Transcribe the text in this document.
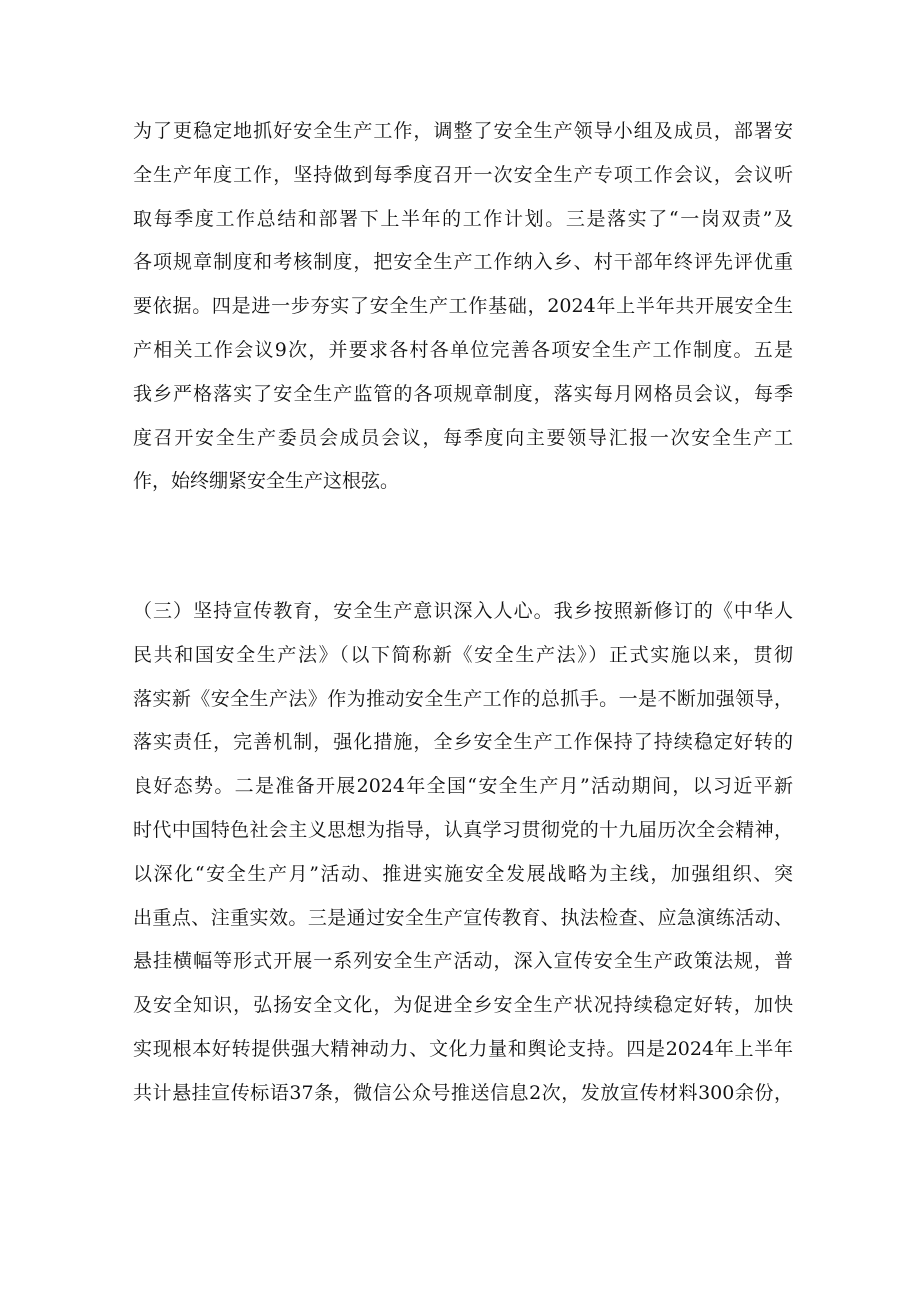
为了更稳定地抓好安全生产工作，调整了安全生产领导小组及成员，部署安
全生产年度工作，坚持做到每季度召开一次安全生产专项工作会议，会议听
取每季度工作总结和部署下上半年的工作计划。三是落实了“一岗双责”及
各项规章制度和考核制度，把安全生产工作纳入乡、村干部年终评先评优重
要依据。四是进一步夯实了安全生产工作基础，2024年上半年共开展安全生
产相关工作会议9次，并要求各村各单位完善各项安全生产工作制度。五是
我乡严格落实了安全生产监管的各项规章制度，落实每月网格员会议，每季
度召开安全生产委员会成员会议，每季度向主要领导汇报一次安全生产工
作，始终绷紧安全生产这根弦。
（三）坚持宣传教育，安全生产意识深入人心。我乡按照新修订的《中华人
民共和国安全生产法》（以下简称新《安全生产法》）正式实施以来，贯彻
落实新《安全生产法》作为推动安全生产工作的总抓手。一是不断加强领导，
落实责任，完善机制，强化措施，全乡安全生产工作保持了持续稳定好转的
良好态势。二是准备开展2024年全国“安全生产月”活动期间，以习近平新
时代中国特色社会主义思想为指导，认真学习贯彻党的十九届历次全会精神，
以深化“安全生产月”活动、推进实施安全发展战略为主线，加强组织、突
出重点、注重实效。三是通过安全生产宣传教育、执法检查、应急演练活动、
悬挂横幅等形式开展一系列安全生产活动，深入宣传安全生产政策法规，普
及安全知识，弘扬安全文化，为促进全乡安全生产状况持续稳定好转，加快
实现根本好转提供强大精神动力、文化力量和舆论支持。四是2024年上半年
共计悬挂宣传标语37条，微信公众号推送信息2次，发放宣传材料300余份，
